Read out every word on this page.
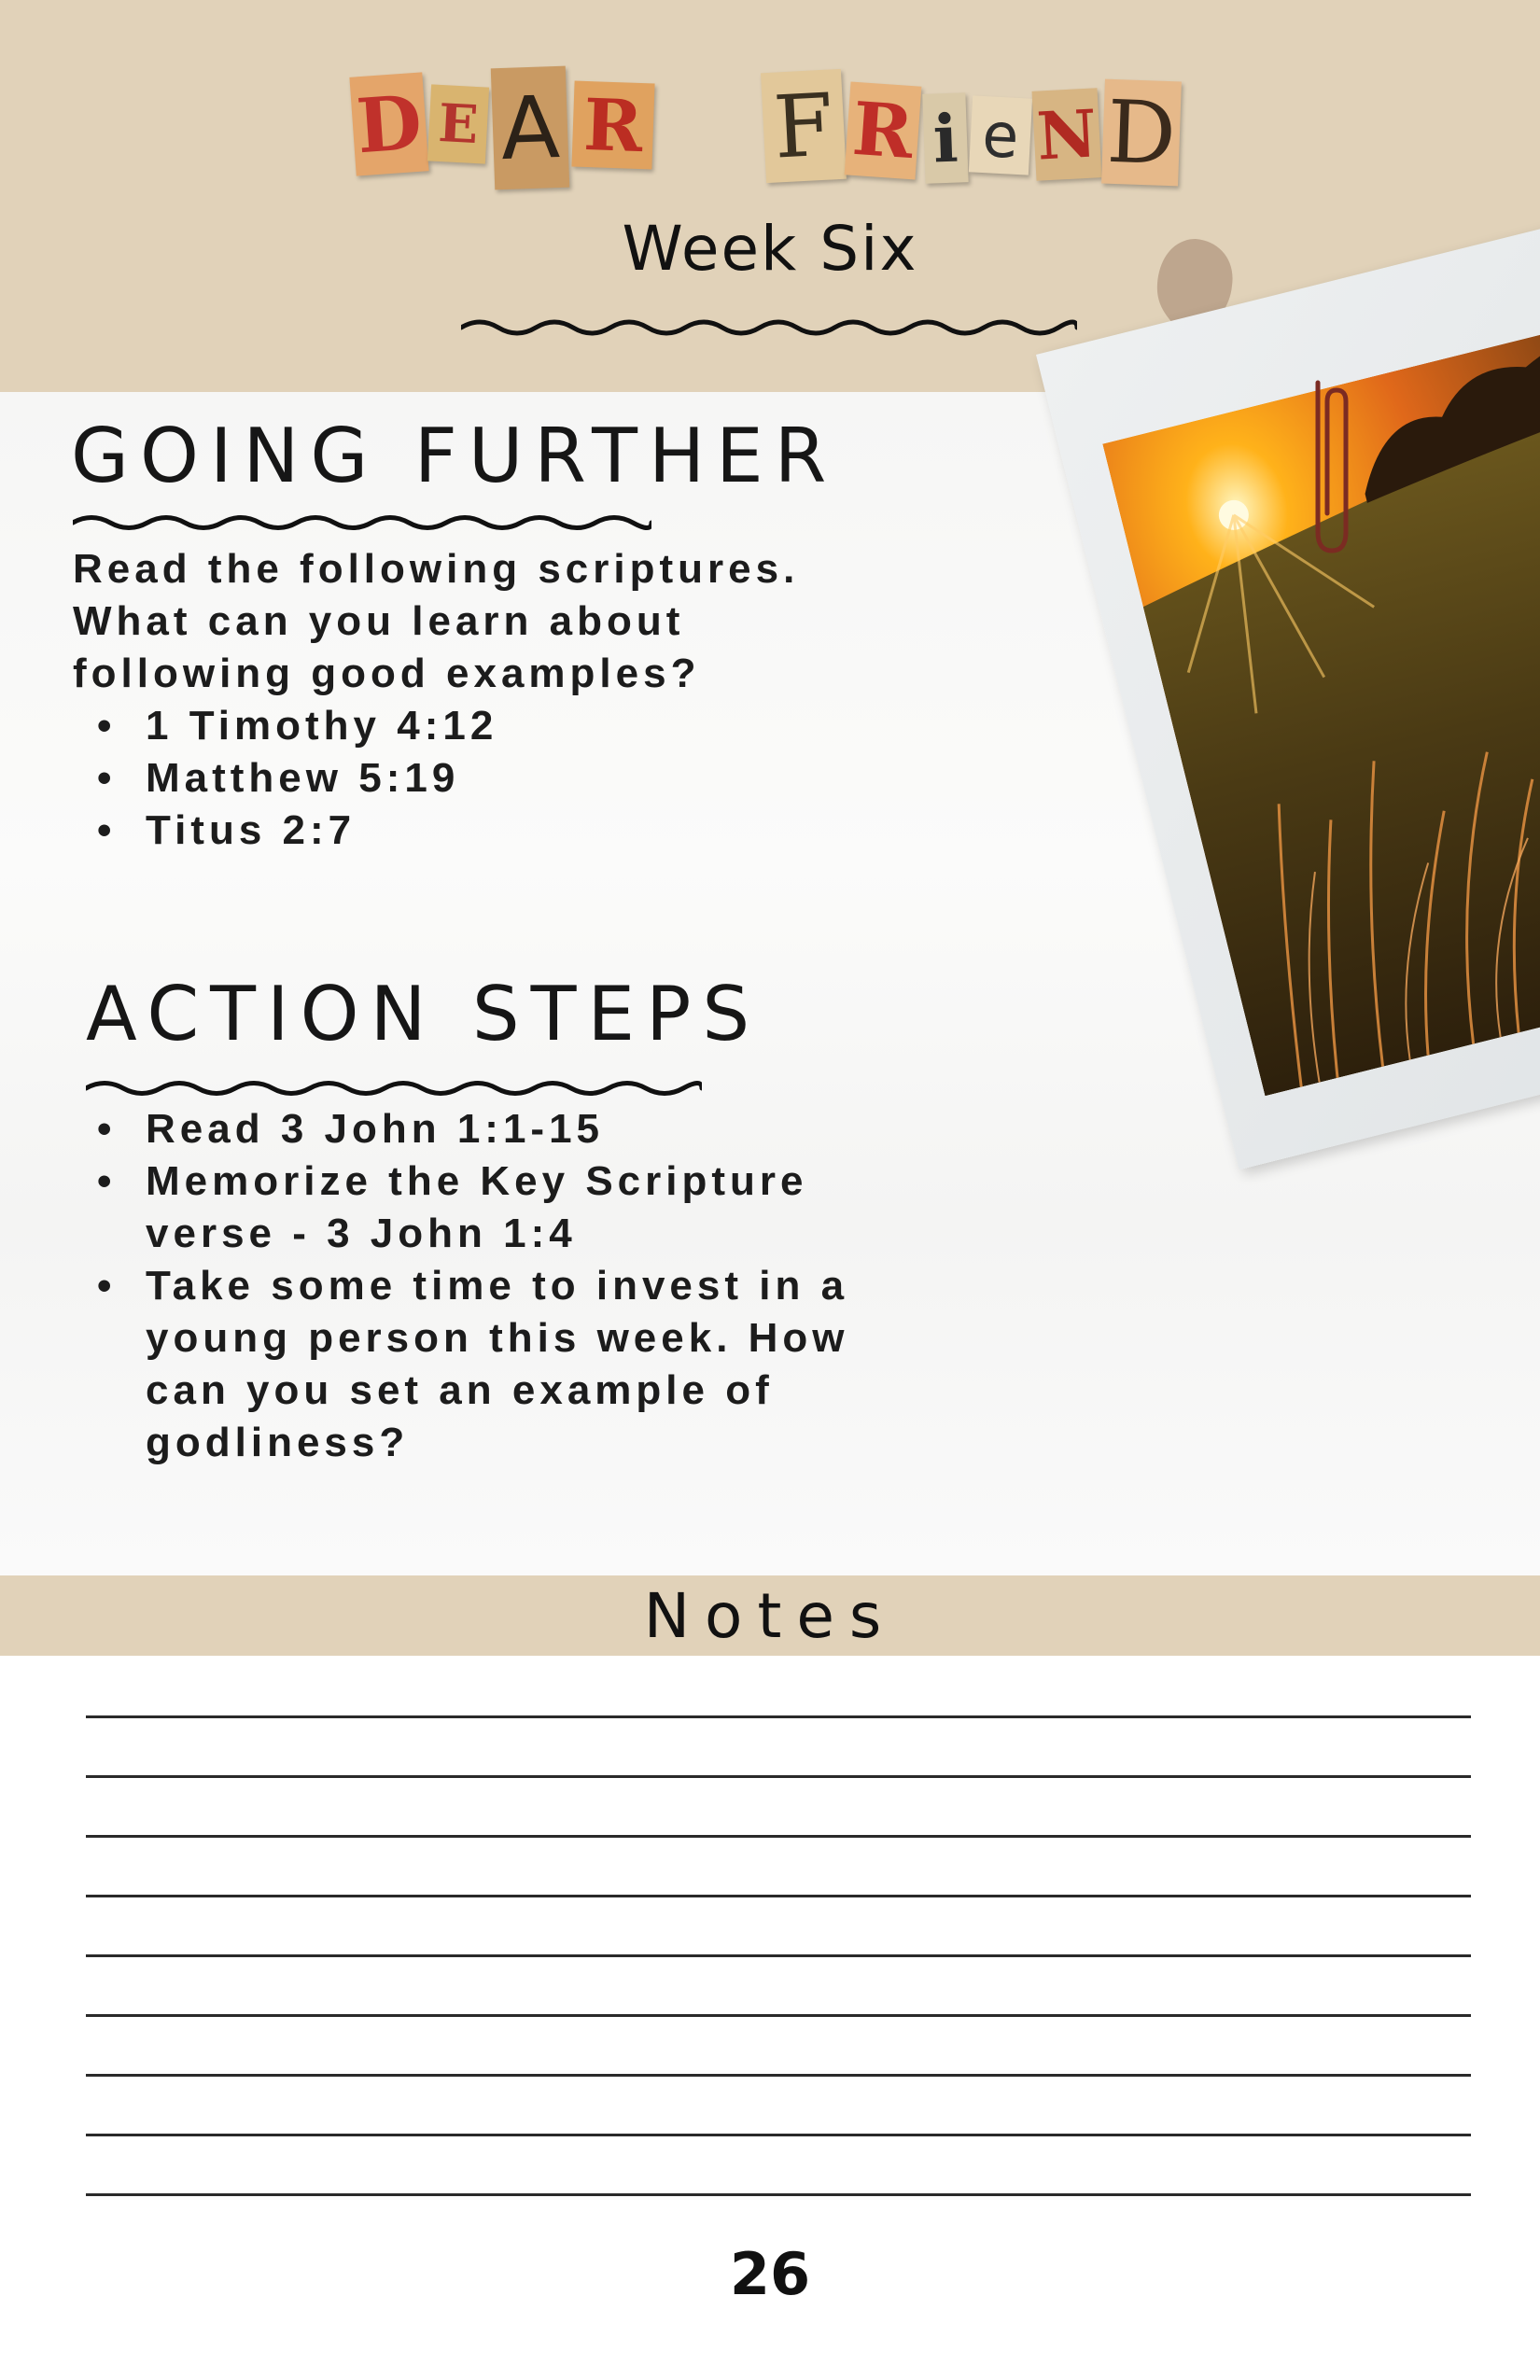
D E A R F R i e N D
Week Six
GOING FURTHER
Read the following scriptures.
What can you learn about
following good examples?
• 1 Timothy 4:12
• Matthew 5:19
• Titus 2:7
ACTION STEPS
• Read 3 John 1:1-15
• Memorize the Key Scripture
verse - 3 John 1:4
• Take some time to invest in a
young person this week. How
can you set an example of
godliness?
Notes
26
